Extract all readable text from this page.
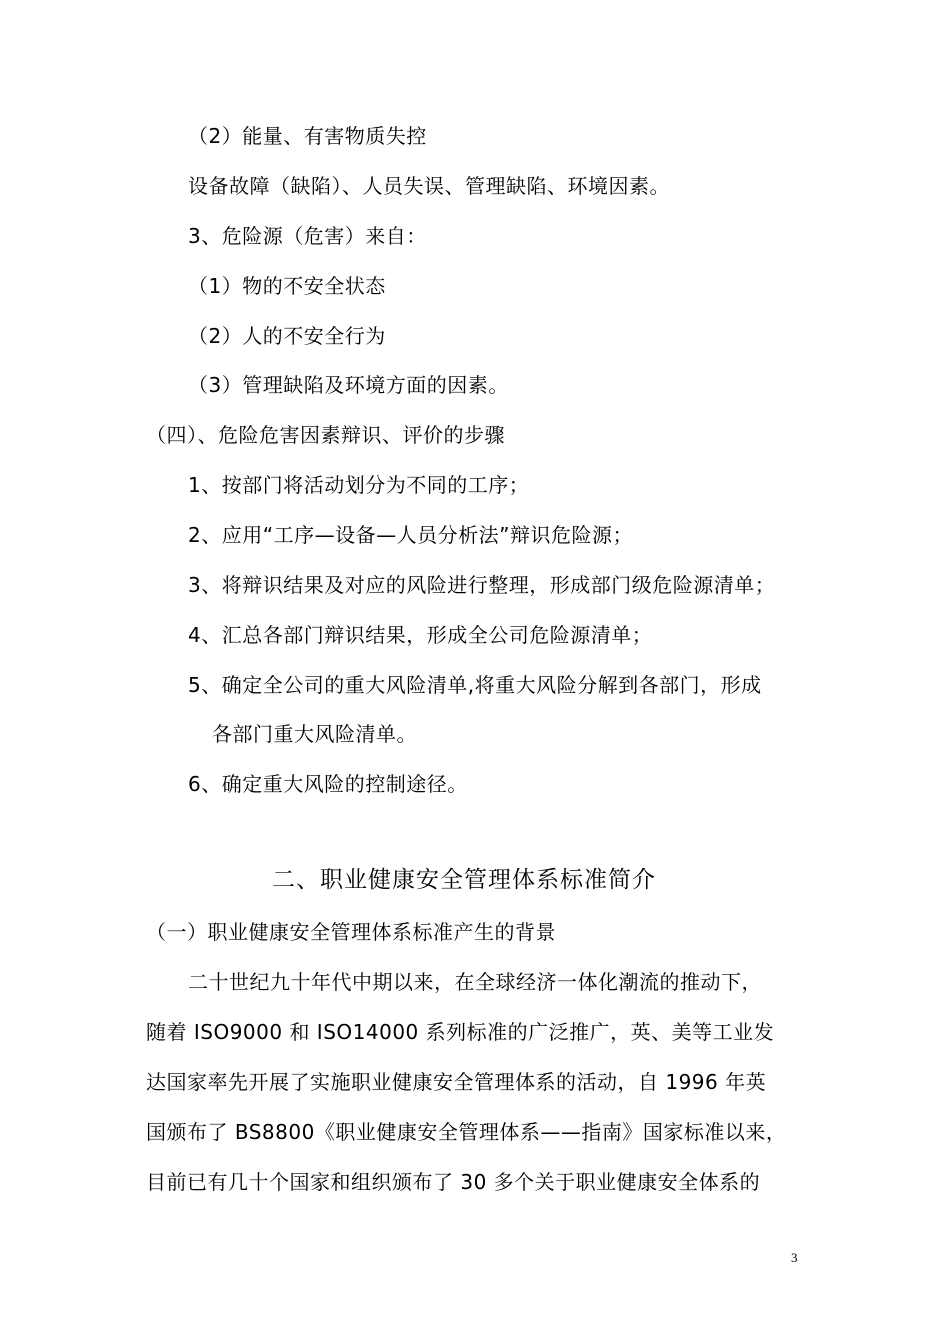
（2）能量、有害物质失控
设备故障（缺陷）、人员失误、管理缺陷、环境因素。
3、危险源（危害）来自：
（1）物的不安全状态
（2）人的不安全行为
（3）管理缺陷及环境方面的因素。
（四）、危险危害因素辩识、评价的步骤
1、按部门将活动划分为不同的工序；
2、应用“工序—设备—人员分析法”辩识危险源；
3、将辩识结果及对应的风险进行整理，形成部门级危险源清单；
4、汇总各部门辩识结果，形成全公司危险源清单；
5、确定全公司的重大风险清单,将重大风险分解到各部门，形成
各部门重大风险清单。
6、确定重大风险的控制途径。
二、职业健康安全管理体系标准简介
（一）职业健康安全管理体系标准产生的背景
二十世纪九十年代中期以来，在全球经济一体化潮流的推动下，
随着 ISO9000 和 ISO14000 系列标准的广泛推广，英、美等工业发
达国家率先开展了实施职业健康安全管理体系的活动，自 1996 年英
国颁布了 BS8800《职业健康安全管理体系——指南》国家标准以来，
目前已有几十个国家和组织颁布了 30 多个关于职业健康安全体系的
3
